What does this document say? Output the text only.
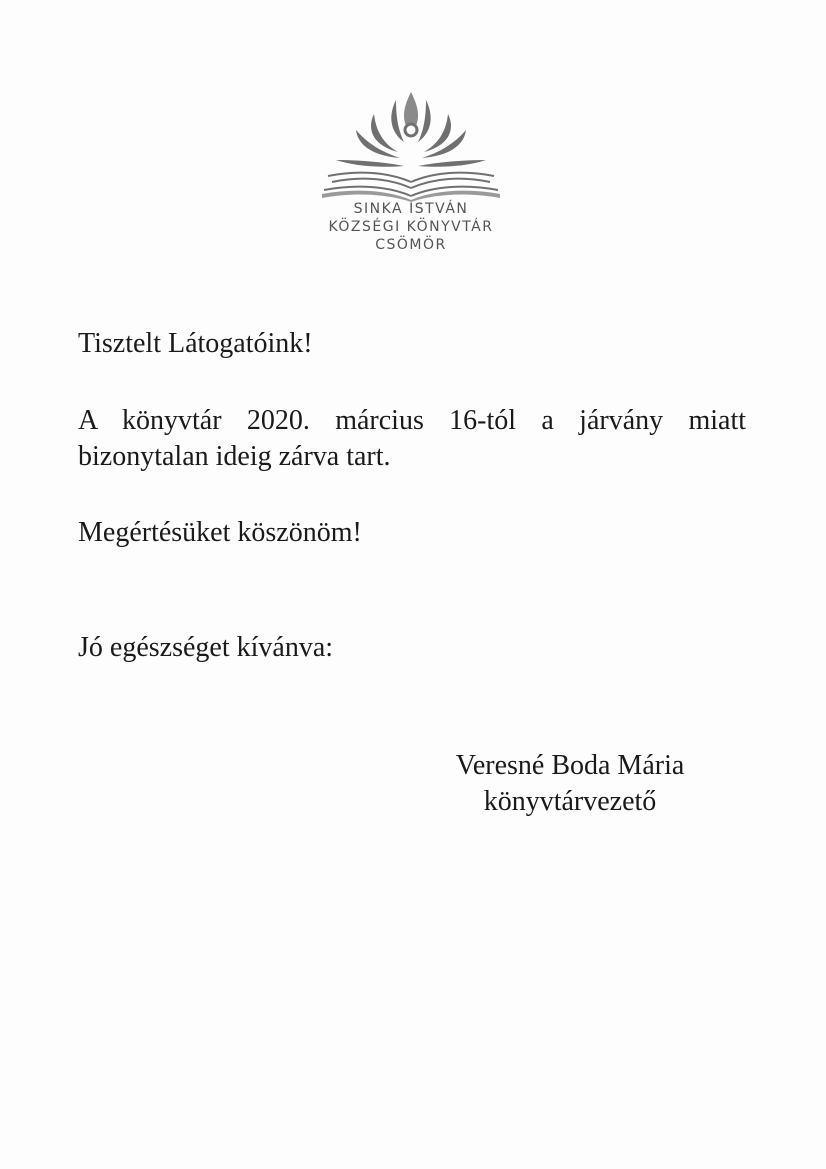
SINKA ISTVÁN
KÖZSÉGI KÖNYVTÁR
CSÖMÖR

Tisztelt Látogatóink!

A könyvtár 2020. március 16-tól a járvány miatt bizonytalan ideig zárva tart.

Megértésüket köszönöm!

Jó egészséget kívánva:

Veresné Boda Mária
könyvtárvezető
